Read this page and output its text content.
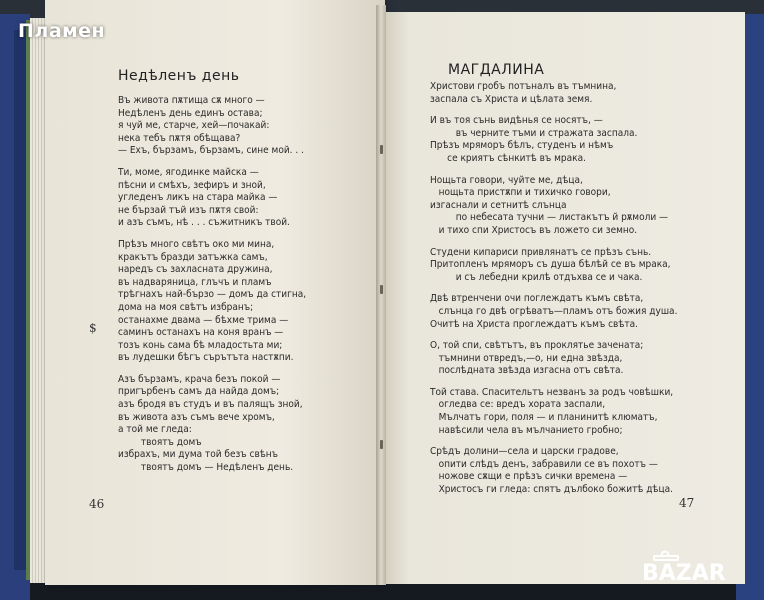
Пламен
Недѣленъ день
Въ живота пѫтища сѫ много —
Недѣленъ день единъ остава;
я чуй ме, старче, хей—почакай:
нека тебъ пѫтя обѣщава?
— Ехъ, бързамъ, бързамъ, сине мой. . .
Ти, моме, ягодинке майска —
пѣсни и смѣхъ, зефиръ и зной,
угледенъ ликъ на стара майка —
не бързай тъй изъ пѫтя свой:
и азъ съмъ, нѣ . . . съжитникъ твой.
Прѣзъ много свѣтъ око ми мина,
кракътъ бразди затъжка самъ,
наредъ съ захласната дружина,
въ надваряница, глъчъ и пламъ
трѣгнахъ най-бързо — домъ да стигна,
дома на моя свѣтъ избранъ;
останахме двама — бѣхме трима —
саминъ останахъ на коня вранъ —
тозъ конь сама бѣ младостьта ми;
въ лудешки бѣгъ сърътъта настѫпи.
Азъ бързамъ, крача безъ покой —
пригърбенъ самъ да найда домъ;
азъ бродя въ студъ и въ палящъ зной,
въ живота азъ съмъ вече хромъ,
а той ме гледа:
твоятъ домъ
избрахъ, ми дума той безъ свѣнъ
твоятъ домъ — Недѣленъ день.
$
46
МАГДАЛИНА
Христови гробъ потъналъ въ тъмнина,
заспала съ Христа и цѣлата земя.
И въ тоя сънь видѣнья се носятъ, —
въ черните тъми и стражата заспала.
Прѣзъ мряморъ бѣлъ, студенъ и нѣмъ
се криятъ сѣнкитѣ въ мрака.
Нощьта говори, чуйте ме, дѣца,
нощьта пристѫпи и тихичко говори,
изгаснали и сетнитѣ слънца
по небесата тучни — листакътъ й рѫмоли —
и тихо спи Христосъ въ ложето си земно.
Студени кипариси привлянатъ се прѣзъ сънь.
Притопленъ мряморъ съ душа бѣлѣй се въ мрака,
и съ лебедни крилѣ отдъхва се и чака.
Двѣ втренчени очи поглеждатъ къмъ свѣта,
слънца го двѣ огрѣватъ—пламъ отъ божия душа.
Очитѣ на Христа проглеждатъ къмъ свѣта.
О, той спи, свѣтътъ, въ проклятье зачената;
тъмнини отвредъ,—о, ни една звѣзда,
послѣдната звѣзда изгасна отъ свѣта.
Той става. Спасительтъ незванъ за родъ човѣшки,
огледва се: вредъ хората заспали,
Мълчатъ гори, поля — и планинитѣ клюматъ,
навѣсили чела въ мълчанието гробно;
Срѣдъ долини—села и царски градове,
опити слѣдъ денъ, забравили се въ похотъ —
ножове сѫщи е прѣзъ сички времена —
Христосъ ги гледа: спятъ дълбоко божитѣ дѣца.
47
BAZAR
